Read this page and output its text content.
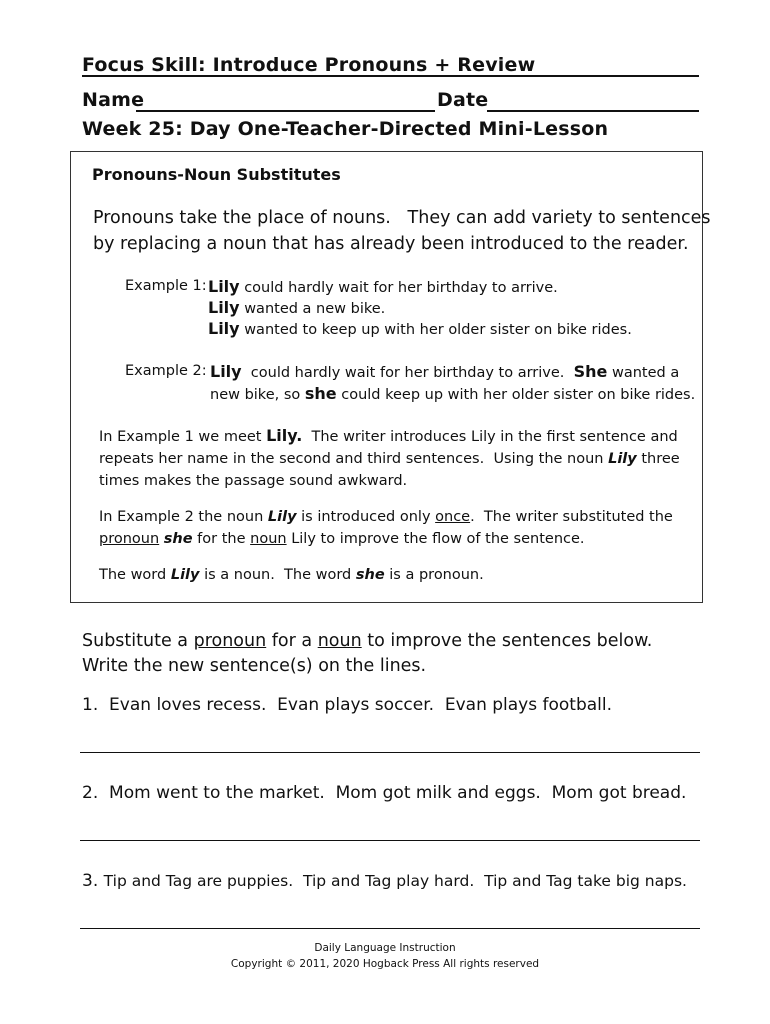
Focus Skill: Introduce Pronouns + Review
Name	Date
Week 25: Day One-Teacher-Directed Mini-Lesson
Pronouns-Noun Substitutes
Pronouns take the place of nouns.   They can add variety to sentences
by replacing a noun that has already been introduced to the reader.
Example 1: Lily could hardly wait for her birthday to arrive.
Lily wanted a new bike.
Lily wanted to keep up with her older sister on bike rides.
Example 2: Lily  could hardly wait for her birthday to arrive.  She wanted a
new bike, so she could keep up with her older sister on bike rides.
In Example 1 we meet Lily.  The writer introduces Lily in the first sentence and
repeats her name in the second and third sentences.  Using the noun Lily three
times makes the passage sound awkward.
In Example 2 the noun Lily is introduced only once.  The writer substituted the
pronoun she for the noun Lily to improve the flow of the sentence.
The word Lily is a noun.  The word she is a pronoun.
Substitute a pronoun for a noun to improve the sentences below.
Write the new sentence(s) on the lines.
1. Evan loves recess.  Evan plays soccer.  Evan plays football.
2. Mom went to the market.  Mom got milk and eggs.  Mom got bread.
3. Tip and Tag are puppies.  Tip and Tag play hard.  Tip and Tag take big naps.
Daily Language Instruction
Copyright © 2011, 2020 Hogback Press All rights reserved
